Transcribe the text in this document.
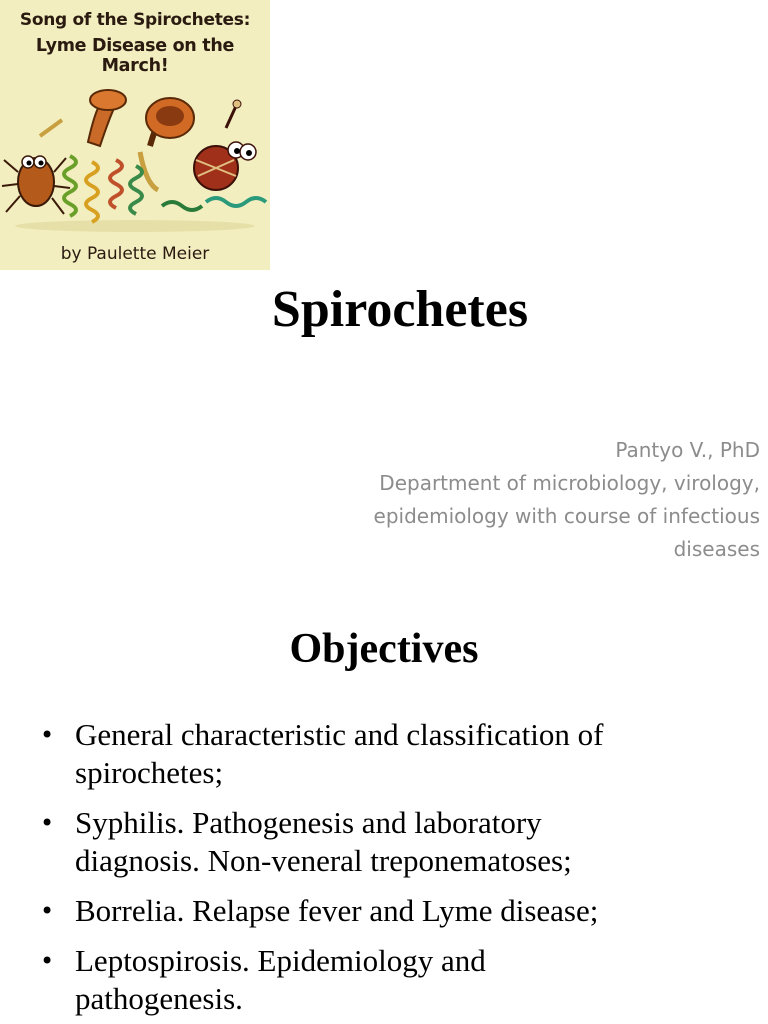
Song of the Spirochetes:
Lyme Disease on the March!
by Paulette Meier
Spirochetes
Pantyo V., PhD
Department of microbiology, virology,
epidemiology with course of infectious
diseases
Objectives
• General characteristic and classification of
spirochetes;
• Syphilis. Pathogenesis and laboratory
diagnosis. Non-veneral treponematoses;
• Borrelia. Relapse fever and Lyme disease;
• Leptospirosis. Epidemiology and
pathogenesis.
